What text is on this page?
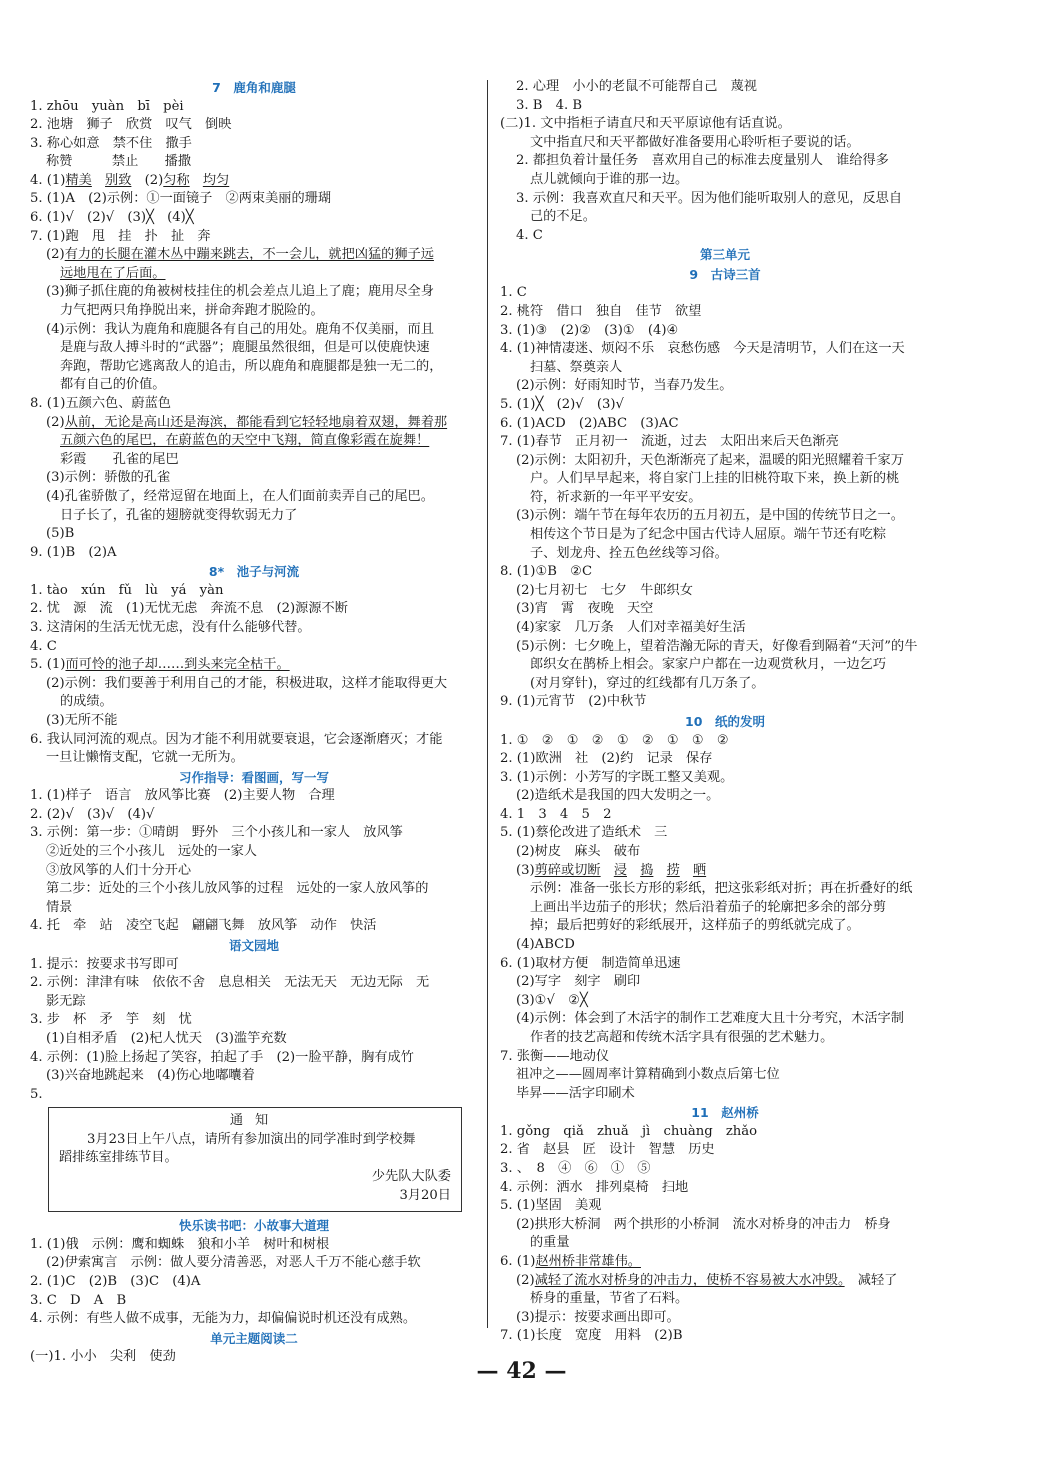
7　鹿角和鹿腿
1. zhōu　yuàn　bī　pèi
2. 池塘　狮子　欣赏　叹气　倒映
3. 称心如意　禁不住　撒手
称赞　　　禁止　　播撒
4. (1)精美　 别致　(2)匀称　 均匀
5. (1)A　(2)示例：①一面镜子　②两束美丽的珊瑚
6. (1)√　(2)√　(3)╳　(4)╳
7. (1)跑　甩　挂　扑　扯　奔
(2)有力的长腿在灌木丛中蹦来跳去，不一会儿，就把凶猛的狮子远
远地甩在了后面。
(3)狮子抓住鹿的角被树枝挂住的机会差点儿追上了鹿；鹿用尽全身
力气把两只角挣脱出来，拼命奔跑才脱险的。
(4)示例：我认为鹿角和鹿腿各有自己的用处。鹿角不仅美丽，而且
是鹿与敌人搏斗时的“武器”；鹿腿虽然很细，但是可以使鹿快速
奔跑，帮助它逃离敌人的追击，所以鹿角和鹿腿都是独一无二的，
都有自己的价值。
8. (1)五颜六色、蔚蓝色
(2)从前，无论是高山还是海滨，都能看到它轻轻地扇着双翅，舞着那
五颜六色的尾巴，在蔚蓝色的天空中飞翔，简直像彩霞在旋舞！
彩霞　　孔雀的尾巴
(3)示例：骄傲的孔雀
(4)孔雀骄傲了，经常逗留在地面上，在人们面前卖弄自己的尾巴。
日子长了，孔雀的翅膀就变得软弱无力了
(5)B
9. (1)B　(2)A
8*　池子与河流
1. tào　xún　fǔ　lù　yá　yàn
2. 忧　源　流　(1)无忧无虑　奔流不息　(2)源源不断
3. 这清闲的生活无忧无虑，没有什么能够代替。
4. C
5. (1)而可怜的池子却……到头来完全枯干。
(2)示例：我们要善于利用自己的才能，积极进取，这样才能取得更大
的成绩。
(3)无所不能
6. 我认同河流的观点。因为才能不利用就要衰退，它会逐渐磨灭；才能
一旦让懒惰支配，它就一无所为。
习作指导：看图画，写一写
1. (1)样子　语言　放风筝比赛　(2)主要人物　合理
2. (2)√　(3)√　(4)√
3. 示例：第一步：①晴朗　野外　三个小孩儿和一家人　放风筝
②近处的三个小孩儿　远处的一家人
③放风筝的人们十分开心
第二步：近处的三个小孩儿放风筝的过程　远处的一家人放风筝的
情景
4. 托　牵　站　凌空飞起　翩翩飞舞　放风筝　动作　快活
语文园地
1. 提示：按要求书写即可
2. 示例：津津有味　依依不舍　息息相关　无法无天　无边无际　无
影无踪
3. 步　杯　矛　竽　刻　忧
(1)自相矛盾　(2)杞人忧天　(3)滥竽充数
4. 示例：(1)脸上扬起了笑容，拍起了手　(2)一脸平静，胸有成竹
(3)兴奋地跳起来　(4)伤心地嘟囔着
5.
通知
3月23日上午八点，请所有参加演出的同学准时到学校舞
蹈排练室排练节目。
少先队大队委
3月20日
快乐读书吧：小故事大道理
1. (1)俄　示例：鹰和蜘蛛　狼和小羊　树叶和树根
(2)伊索寓言　示例：做人要分清善恶，对恶人千万不能心慈手软
2. (1)C　(2)B　(3)C　(4)A
3. C　D　A　B
4. 示例：有些人做不成事，无能为力，却偏偏说时机还没有成熟。
单元主题阅读二
(一)1. 小小　尖利　使劲
2. 心理　小小的老鼠不可能帮自己　蔑视
3. B　4. B
(二)1. 文中指柜子请直尺和天平原谅他有话直说。
文中指直尺和天平都做好准备要用心聆听柜子要说的话。
2. 都担负着计量任务　喜欢用自己的标准去度量别人　谁给得多
点儿就倾向于谁的那一边。
3. 示例：我喜欢直尺和天平。因为他们能听取别人的意见，反思自
己的不足。
4. C
第三单元
9　古诗三首
1. C
2. 桃符　借口　独自　佳节　欲望
3. (1)③　(2)②　(3)①　(4)④
4. (1)神情凄迷、烦闷不乐　哀愁伤感　今天是清明节，人们在这一天
扫墓、祭奠亲人
(2)示例：好雨知时节，当春乃发生。
5. (1)╳　(2)√　(3)√
6. (1)ACD　(2)ABC　(3)AC
7. (1)春节　正月初一　流逝，过去　太阳出来后天色渐亮
(2)示例：太阳初升，天色渐渐亮了起来，温暖的阳光照耀着千家万
户。人们早早起来，将自家门上挂的旧桃符取下来，换上新的桃
符，祈求新的一年平平安安。
(3)示例：端午节在每年农历的五月初五，是中国的传统节日之一。
相传这个节日是为了纪念中国古代诗人屈原。端午节还有吃粽
子、划龙舟、拴五色丝线等习俗。
8. (1)①B　②C
(2)七月初七　七夕　牛郎织女
(3)宵　霄　夜晚　天空
(4)家家　几万条　人们对幸福美好生活
(5)示例：七夕晚上，望着浩瀚无际的青天，好像看到隔着“天河”的牛
郎织女在鹊桥上相会。家家户户都在一边观赏秋月，一边乞巧
(对月穿针)，穿过的红线都有几万条了。
9. (1)元宵节　(2)中秋节
10　纸的发明
1. ①　②　①　②　①　②　①　①　②
2. (1)欧洲　社　(2)约　记录　保存
3. (1)示例：小芳写的字既工整又美观。
(2)造纸术是我国的四大发明之一。
4. 1　3　4　5　2
5. (1)蔡伦改进了造纸术　三
(2)树皮　麻头　破布
(3)剪碎或切断　 浸　 捣　 捞　 晒
示例：准备一张长方形的彩纸，把这张彩纸对折；再在折叠好的纸
上画出半边茄子的形状；然后沿着茄子的轮廓把多余的部分剪
掉；最后把剪好的彩纸展开，这样茄子的剪纸就完成了。
(4)ABCD
6. (1)取材方便　制造简单迅速
(2)写字　刻字　刷印
(3)①√　②╳
(4)示例：体会到了木活字的制作工艺难度大且十分考究，木活字制
作者的技艺高超和传统木活字具有很强的艺术魅力。
7. 张衡——地动仪
祖冲之——圆周率计算精确到小数点后第七位
毕昇——活字印刷术
11　赵州桥
1. gǒng　qiǎ　zhuǎ　jì　chuàng　zhǎo
2. 省　赵县　匠　设计　智慧　历史
3. 、　8　④　⑥　①　⑤
4. 示例：洒水　排列桌椅　扫地
5. (1)坚固　美观
(2)拱形大桥洞　两个拱形的小桥洞　流水对桥身的冲击力　桥身
的重量
6. (1)赵州桥非常雄伟。
(2)减轻了流水对桥身的冲击力，使桥不容易被大水冲毁。　减轻了
桥身的重量，节省了石料。
(3)提示：按要求画出即可。
7. (1)长度　宽度　用料　(2)B
— 42 —
